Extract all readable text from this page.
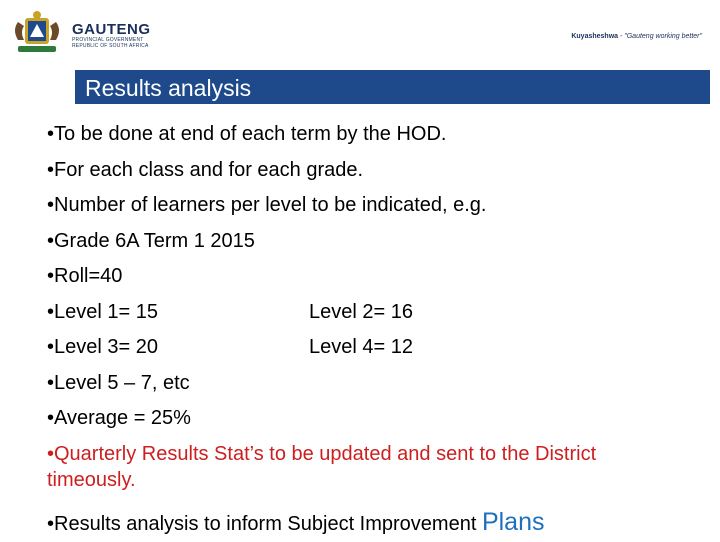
GAUTENG
PROVINCIAL GOVERNMENT
REPUBLIC OF SOUTH AFRICA
Kuyasheshwa - "Gauteng working better"
Results analysis
•To be done at end of each term by the HOD.
•For each class and for each grade.
•Number of learners per level to be indicated, e.g.
•Grade 6A Term 1 2015
•Roll=40
•Level 1= 15	Level 2= 16
•Level 3= 20	Level 4= 12
•Level 5 – 7, etc
•Average = 25%
•Quarterly Results Stat’s to be updated and sent to the District timeously.
•Results analysis to inform Subject Improvement Plans
